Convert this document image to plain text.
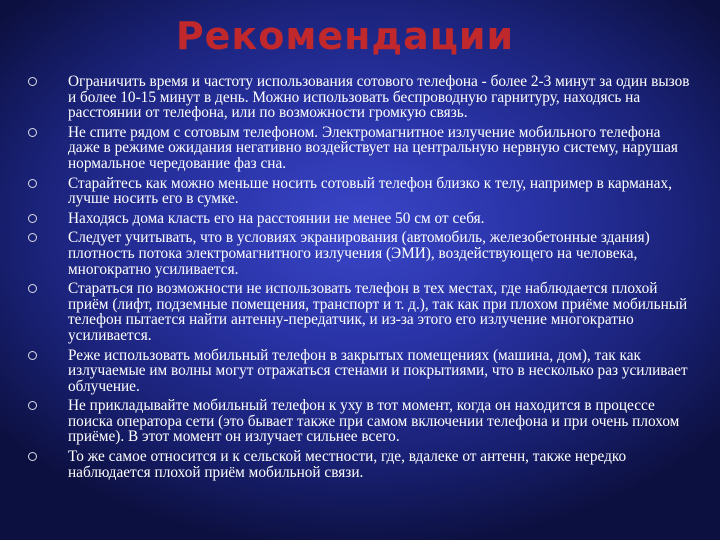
Рекомендации
Ограничить время и частоту использования сотового телефона - более 2-3 минут за один вызов и более 10-15 минут в день. Можно использовать беспроводную гарнитуру, находясь на расстоянии от телефона, или по возможности громкую связь.
Не спите рядом с сотовым телефоном. Электромагнитное излучение мобильного телефона даже в режиме ожидания негативно воздействует на центральную нервную систему, нарушая нормальное чередование фаз сна.
Старайтесь как можно меньше носить сотовый телефон близко к телу, например в карманах, лучше носить его в сумке.
Находясь дома класть его на расстоянии не менее 50 см от себя.
Следует учитывать, что в условиях экранирования (автомобиль, железобетонные здания) плотность потока электромагнитного излучения (ЭМИ), воздействующего на человека, многократно усиливается.
Стараться по возможности не использовать телефон в тех местах, где наблюдается плохой приём (лифт, подземные помещения, транспорт и т. д.), так как при плохом приёме мобильный телефон пытается найти антенну-передатчик, и из-за этого его излучение многократно усиливается.
Реже использовать мобильный телефон в закрытых помещениях (машина, дом), так как излучаемые им волны могут отражаться стенами и покрытиями, что в несколько раз усиливает облучение.
Не прикладывайте мобильный телефон к уху в тот момент, когда он находится в процессе поиска оператора сети (это бывает также при самом включении телефона и при очень плохом приёме). В этот момент он излучает сильнее всего.
То же самое относится и к сельской местности, где, вдалеке от антенн, также нередко наблюдается плохой приём мобильной связи.
